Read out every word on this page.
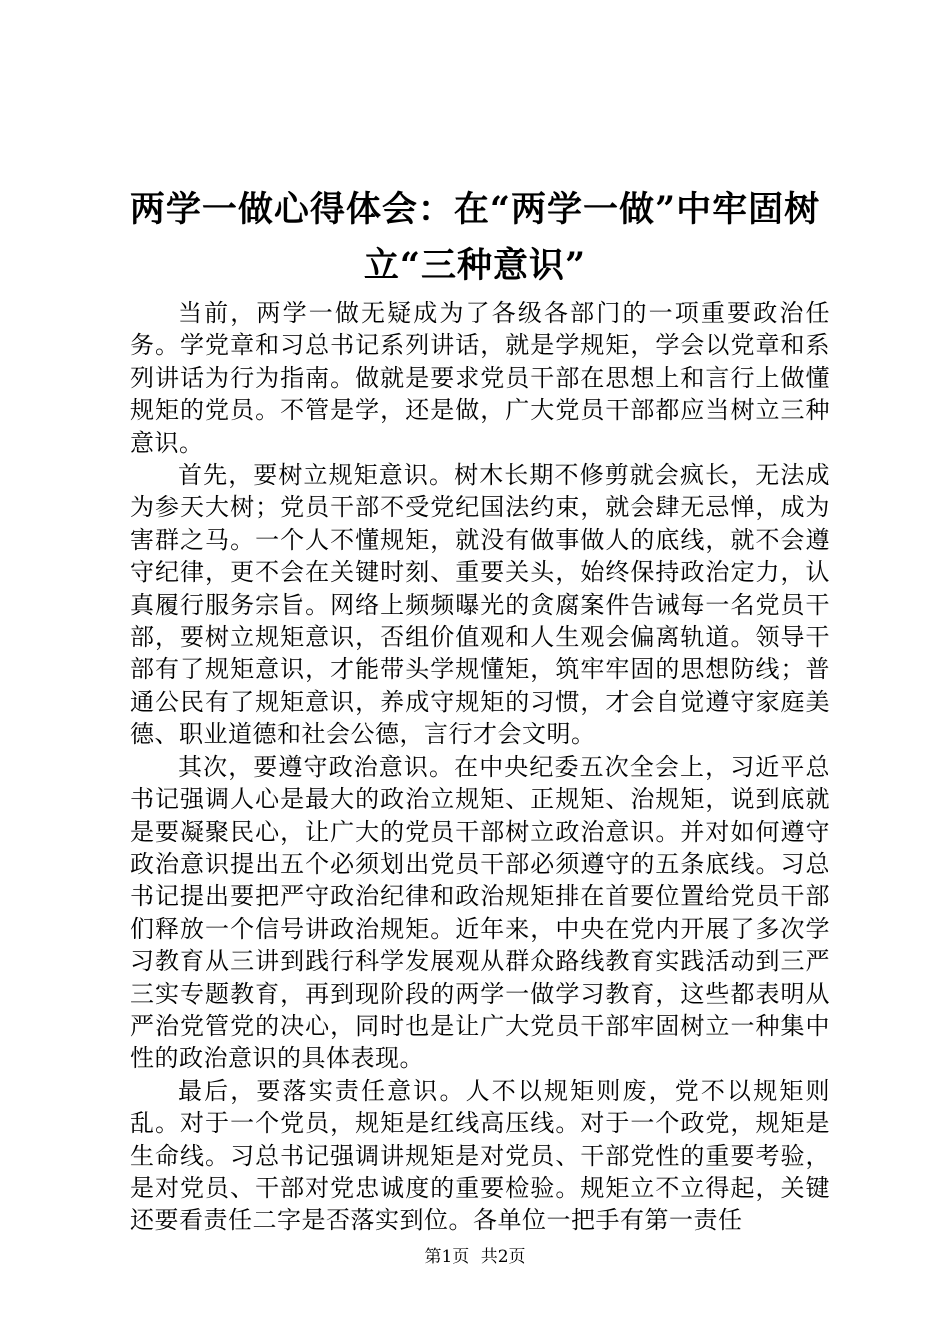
两学一做心得体会：在“两学一做”中牢固树立“三种意识”

当前，两学一做无疑成为了各级各部门的一项重要政治任务。学党章和习总书记系列讲话，就是学规矩，学会以党章和系列讲话为行为指南。做就是要求党员干部在思想上和言行上做懂规矩的党员。不管是学，还是做，广大党员干部都应当树立三种意识。

首先，要树立规矩意识。树木长期不修剪就会疯长，无法成为参天大树；党员干部不受党纪国法约束，就会肆无忌惮，成为害群之马。一个人不懂规矩，就没有做事做人的底线，就不会遵守纪律，更不会在关键时刻、重要关头，始终保持政治定力，认真履行服务宗旨。网络上频频曝光的贪腐案件告诫每一名党员干部，要树立规矩意识，否组价值观和人生观会偏离轨道。领导干部有了规矩意识，才能带头学规懂矩，筑牢牢固的思想防线；普通公民有了规矩意识，养成守规矩的习惯，才会自觉遵守家庭美德、职业道德和社会公德，言行才会文明。

其次，要遵守政治意识。在中央纪委五次全会上，习近平总书记强调人心是最大的政治立规矩、正规矩、治规矩，说到底就是要凝聚民心，让广大的党员干部树立政治意识。并对如何遵守政治意识提出五个必须划出党员干部必须遵守的五条底线。习总书记提出要把严守政治纪律和政治规矩排在首要位置给党员干部们释放一个信号讲政治规矩。近年来，中央在党内开展了多次学习教育从三讲到践行科学发展观从群众路线教育实践活动到三严三实专题教育，再到现阶段的两学一做学习教育，这些都表明从严治党管党的决心，同时也是让广大党员干部牢固树立一种集中性的政治意识的具体表现。

最后，要落实责任意识。人不以规矩则废，党不以规矩则乱。对于一个党员，规矩是红线高压线。对于一个政党，规矩是生命线。习总书记强调讲规矩是对党员、干部党性的重要考验，是对党员、干部对党忠诚度的重要检验。规矩立不立得起，关键还要看责任二字是否落实到位。各单位一把手有第一责任

第1页 共2页
